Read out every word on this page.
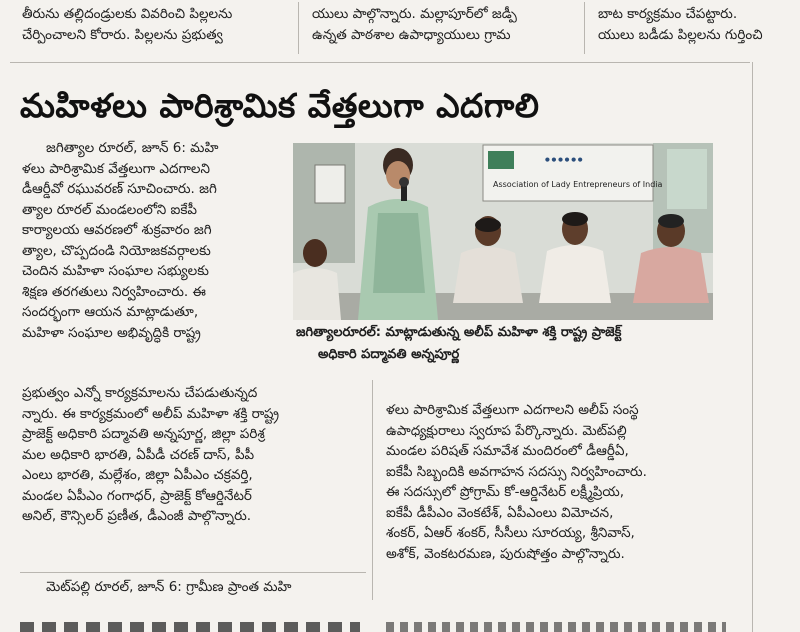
తీరును తల్లిదండ్రులకు వివరించి పిల్లలను
చేర్పించాలని కోరారు. పిల్లలను ప్రభుత్వ
యులు పాల్గొన్నారు. మల్లాపూర్‌లో జడ్పీ
ఉన్నత పాఠశాల ఉపాధ్యాయులు గ్రామ
బాట కార్యక్రమం చేపట్టారు.
యులు బడీడు పిల్లలను గుర్తించి
మహిళలు పారిశ్రామిక వేత్తలుగా ఎదగాలి
● ● ● ● ● ●
Association of Lady Entrepreneurs of India
జగిత్యాలరూరల్‌: మాట్లాడుతున్న అలీప్‌ మహిళా శక్తి రాష్ట్ర ప్రాజెక్ట్‌
అధికారి పద్మావతి అన్నపూర్ణ
జగిత్యాల రూరల్‌, జూన్‌ 6: మహి
ళలు పారిశ్రామిక వేత్తలుగా ఎదగాలని
డీఆర్డీవో రఘువరణ్‌ సూచించారు. జగి
త్యాల రూరల్‌ మండలంలోని ఐకేపీ
కార్యాలయ ఆవరణలో శుక్రవారం జగి
త్యాల, చొప్పదండి నియోజకవర్గాలకు
చెందిన మహిళా సంఘాల సభ్యులకు
శిక్షణ తరగతులు నిర్వహించారు. ఈ
సందర్భంగా ఆయన మాట్లాడుతూ,
మహిళా సంఘాల అభివృద్ధికి రాష్ట్ర
ప్రభుత్వం ఎన్నో కార్యక్రమాలను చేపడుతున్నద
న్నారు. ఈ కార్యక్రమంలో అలీప్‌ మహిళా శక్తి రాష్ట్ర
ప్రాజెక్ట్‌ అధికారి పద్మావతి అన్నపూర్ణ, జిల్లా పరిశ్ర
మల అధికారి భారతి, ఏపీడీ చరణ్‌ దాస్‌, పీపీ
ఎంలు భారతి, మల్లేశం, జిల్లా ఏపీఎం చక్రవర్తి,
మండల ఏపీఎం గంగాధర్‌, ప్రాజెక్ట్‌ కోఆర్డినేటర్‌
అనిల్‌, కౌన్సిలర్‌ ప్రణీత, డీఎంజీ పాల్గొన్నారు.
ళలు పారిశ్రామిక వేత్తలుగా ఎదగాలని అలీప్‌ సంస్థ
ఉపాధ్యక్షురాలు స్వరూప పేర్కొన్నారు. మెట్‌పల్లి
మండల పరిషత్‌ సమావేశ మందిరంలో డీఆర్డీఏ,
ఐకేపీ సిబ్బందికి అవగాహన సదస్సు నిర్వహించారు.
ఈ సదస్సులో ప్రోగ్రామ్‌ కో-ఆర్డినేటర్‌ లక్ష్మీప్రియ,
ఐకేపీ డీపీఎం వెంకటేశ్‌, ఏపీఎంలు విమోచన,
శంకర్‌, ఏఆర్‌ శంకర్‌, సీసీలు సూరయ్య, శ్రీనివాస్‌,
అశోక్‌, వెంకటరమణ, పురుషోత్తం పాల్గొన్నారు.
మెట్‌పల్లి రూరల్‌, జూన్‌ 6: గ్రామీణ ప్రాంత మహి
